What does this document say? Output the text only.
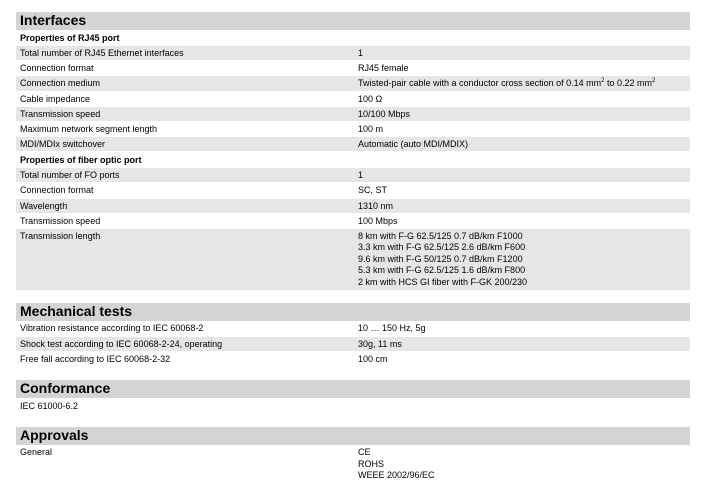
Interfaces
Properties of RJ45 port
Total number of RJ45 Ethernet interfaces	1
Connection format	RJ45 female
Connection medium	Twisted-pair cable with a conductor cross section of 0.14 $mm^2$ to 0.22 $mm^2$
Cable impedance	100 Ω
Transmission speed	10/100 Mbps
Maximum network segment length	100 m
MDI/MDIx switchover	Automatic (auto MDI/MDIX)
Properties of fiber optic port
Total number of FO ports	1
Connection format	SC, ST
Wavelength	1310 nm
Transmission speed	100 Mbps
Transmission length	8 km with F-G 62.5/125 0.7 dB/km F1000
3.3 km with F-G 62.5/125 2.6 dB/km F600
9.6 km with F-G 50/125 0.7 dB/km F1200
5.3 km with F-G 62.5/125 1.6 dB/km F800
2 km with HCS GI fiber with F-GK 200/230
Mechanical tests
Vibration resistance according to IEC 60068-2	10 … 150 Hz, 5g
Shock test according to IEC 60068-2-24, operating	30g, 11 ms
Free fall according to IEC 60068-2-32	100 cm
Conformance
IEC 61000-6.2
Approvals
General	CE
ROHS
WEEE 2002/96/EC
